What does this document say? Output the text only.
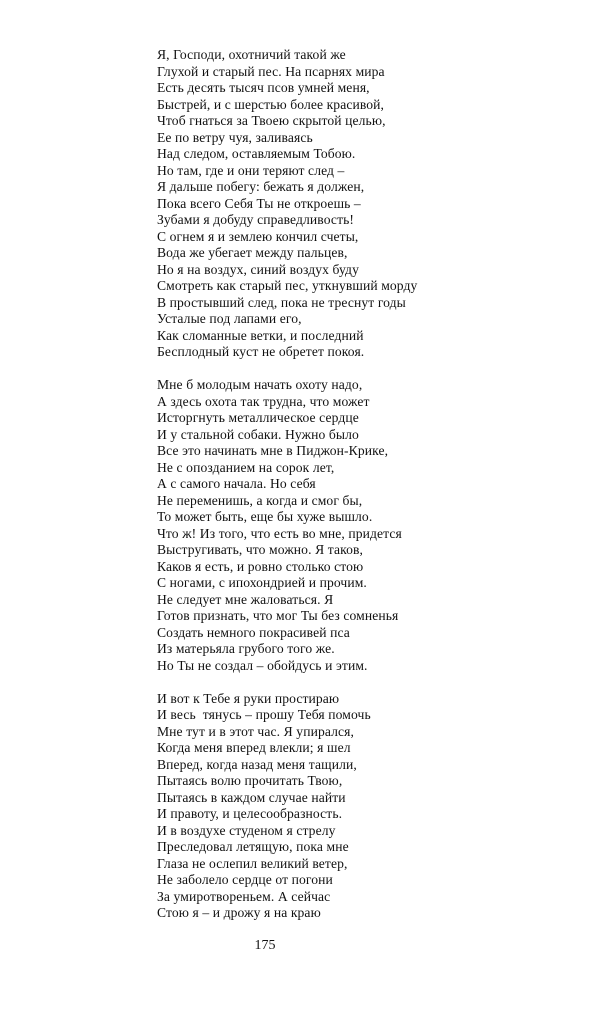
Я, Господи, охотничий такой же
Глухой и старый пес. На псарнях мира
Есть десять тысяч псов умней меня,
Быстрей, и с шерстью более красивой,
Чтоб гнаться за Твоею скрытой целью,
Ее по ветру чуя, заливаясь
Над следом, оставляемым Тобою.
Но там, где и они теряют след –
Я дальше побегу: бежать я должен,
Пока всего Себя Ты не откроешь –
Зубами я добуду справедливость!
С огнем я и землею кончил счеты,
Вода же убегает между пальцев,
Но я на воздух, синий воздух буду
Смотреть как старый пес, уткнувший морду
В простывший след, пока не треснут годы
Усталые под лапами его,
Как сломанные ветки, и последний
Бесплодный куст не обретет покоя.
Мне б молодым начать охоту надо,
А здесь охота так трудна, что может
Исторгнуть металлическое сердце
И у стальной собаки. Нужно было
Все это начинать мне в Пиджон-Крике,
Не с опозданием на сорок лет,
А с самого начала. Но себя
Не переменишь, а когда и смог бы,
То может быть, еще бы хуже вышло.
Что ж! Из того, что есть во мне, придется
Выстругивать, что можно. Я таков,
Каков я есть, и ровно столько стою
С ногами, с ипохондрией и прочим.
Не следует мне жаловаться. Я
Готов признать, что мог Ты без сомненья
Создать немного покрасивей пса
Из матерьяла грубого того же.
Но Ты не создал – обойдусь и этим.
И вот к Тебе я руки простираю
И весь  тянусь – прошу Тебя помочь
Мне тут и в этот час. Я упирался,
Когда меня вперед влекли; я шел
Вперед, когда назад меня тащили,
Пытаясь волю прочитать Твою,
Пытаясь в каждом случае найти
И правоту, и целесообразность.
И в воздухе студеном я стрелу
Преследовал летящую, пока мне
Глаза не ослепил великий ветер,
Не заболело сердце от погони
За умиротвореньем. А сейчас
Стою я – и дрожу я на краю
175
